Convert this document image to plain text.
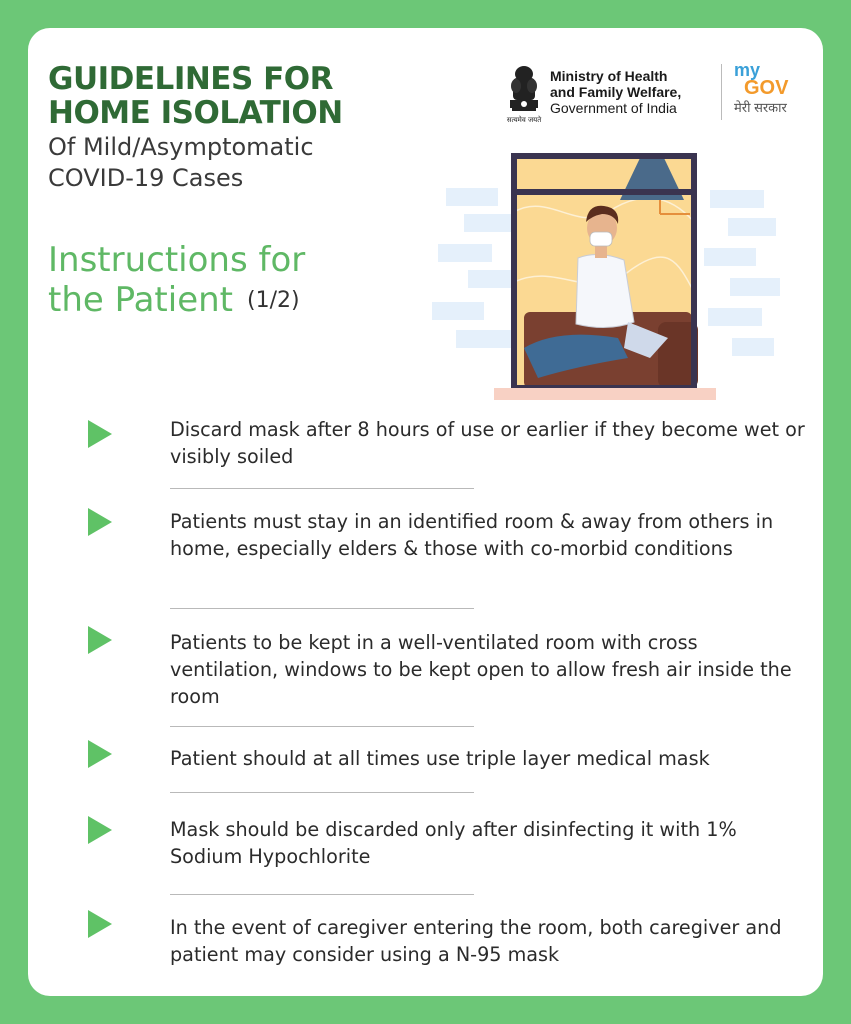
GUIDELINES FOR
HOME ISOLATION
Of Mild/Asymptomatic
COVID-19 Cases
Instructions for
the Patient (1/2)
सत्यमेव जयते
Ministry of Health
and Family Welfare,
Government of India
my
GOV
मेरी सरकार
Discard mask after 8 hours of use or earlier if they become wet or visibly soiled
Patients must stay in an identified room & away from others in home, especially elders & those with co-morbid conditions
Patients to be kept in a well-ventilated room with cross ventilation, windows to be kept open to allow fresh air inside the room
Patient should at all times use triple layer medical mask
Mask should be discarded only after disinfecting it with 1% Sodium Hypochlorite
In the event of caregiver entering the room, both caregiver and patient may consider using a N-95 mask
